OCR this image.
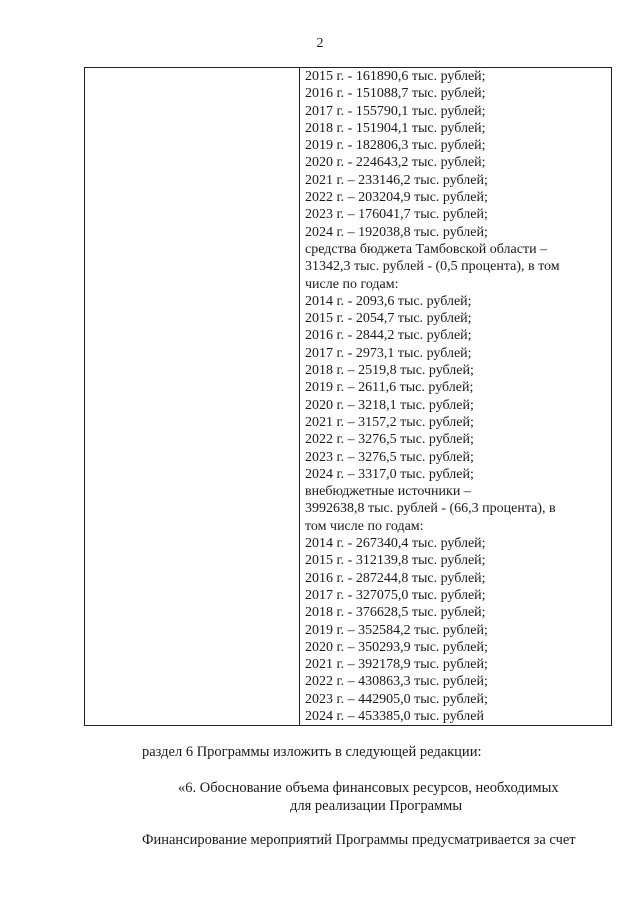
2
2015 г. - 161890,6 тыс. рублей;
2016 г. - 151088,7 тыс. рублей;
2017 г. - 155790,1 тыс. рублей;
2018 г. - 151904,1 тыс. рублей;
2019 г. - 182806,3 тыс. рублей;
2020 г. - 224643,2 тыс. рублей;
2021 г. – 233146,2 тыс. рублей;
2022 г. – 203204,9 тыс. рублей;
2023 г. – 176041,7 тыс. рублей;
2024 г. – 192038,8 тыс. рублей;
средства бюджета Тамбовской области –
31342,3 тыс. рублей - (0,5 процента), в том
числе по годам:
2014 г. - 2093,6 тыс. рублей;
2015 г. - 2054,7 тыс. рублей;
2016 г. - 2844,2 тыс. рублей;
2017 г. - 2973,1 тыс. рублей;
2018 г. – 2519,8 тыс. рублей;
2019 г. – 2611,6 тыс. рублей;
2020 г. – 3218,1 тыс. рублей;
2021 г. – 3157,2 тыс. рублей;
2022 г. – 3276,5 тыс. рублей;
2023 г. – 3276,5 тыс. рублей;
2024 г. – 3317,0 тыс. рублей;
внебюджетные источники –
3992638,8 тыс. рублей - (66,3 процента), в
том числе по годам:
2014 г. - 267340,4 тыс. рублей;
2015 г. - 312139,8 тыс. рублей;
2016 г. - 287244,8 тыс. рублей;
2017 г. - 327075,0 тыс. рублей;
2018 г. - 376628,5 тыс. рублей;
2019 г. – 352584,2 тыс. рублей;
2020 г. – 350293,9 тыс. рублей;
2021 г. – 392178,9 тыс. рублей;
2022 г. – 430863,3 тыс. рублей;
2023 г. – 442905,0 тыс. рублей;
2024 г. – 453385,0 тыс. рублей
раздел 6 Программы изложить в следующей редакции:
«6. Обоснование объема финансовых ресурсов, необходимых
для реализации Программы
Финансирование мероприятий Программы предусматривается за счет
